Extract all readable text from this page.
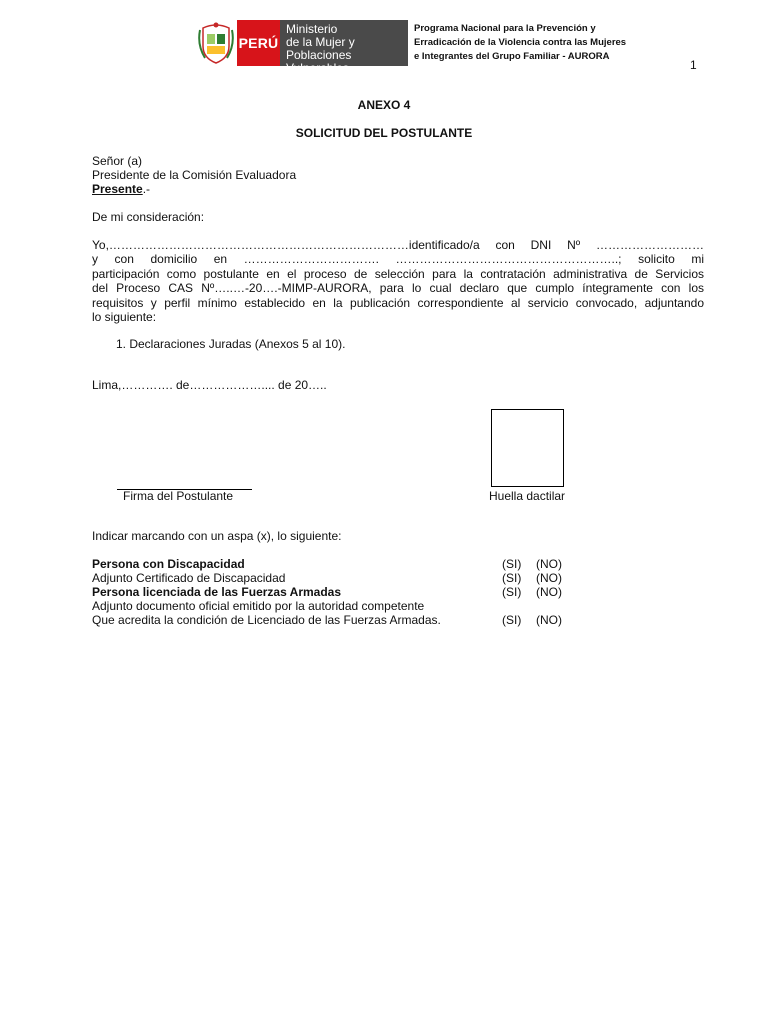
PERÚ
Ministerio
de la Mujer y
Poblaciones Vulnerables
Programa Nacional para la Prevención y
Erradicación de la Violencia contra las Mujeres
e Integrantes del Grupo Familiar - AURORA
1
ANEXO 4
SOLICITUD DEL POSTULANTE
Señor (a)
Presidente de la Comisión Evaluadora
Presente.-
De mi consideración:
Yo,…………………………………………………………………identificado/a con DNI Nº ………………………
y con domicilio en ……………………………. ………………………………………………..; solicito mi
participación como postulante en el proceso de selección para la contratación administrativa de Servicios
del Proceso CAS Nº…..…-20….-MIMP-AURORA, para lo cual declaro que cumplo íntegramente con los
requisitos y perfil mínimo establecido en la publicación correspondiente al servicio convocado, adjuntando
lo siguiente:
1. Declaraciones Juradas (Anexos 5 al 10).
Lima,…………. de……………….... de 20…..
Firma del Postulante	Huella dactilar
Indicar marcando con un aspa (x), lo siguiente:
Persona con Discapacidad	(SI) (NO)
Adjunto Certificado de Discapacidad	(SI) (NO)
Persona licenciada de las Fuerzas Armadas	(SI) (NO)
Adjunto documento oficial emitido por la autoridad competente
Que acredita la condición de Licenciado de las Fuerzas Armadas.	(SI) (NO)
